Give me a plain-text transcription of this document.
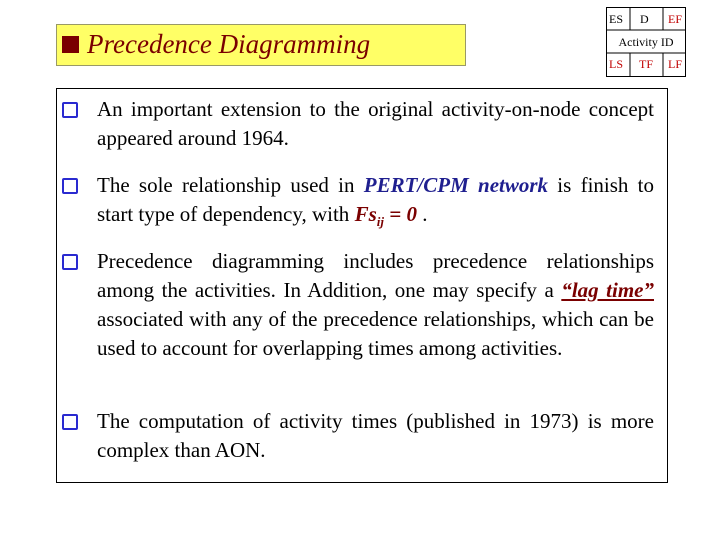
Precedence Diagramming
ES D EF
Activity ID
LS TF LF
An important extension to the original activity-on-node concept appeared around 1964.
The sole relationship used in PERT/CPM network is finish to start type of dependency, with $Fs_{ij} = 0$ .
Precedence diagramming includes precedence relationships among the activities. In Addition, one may specify a “lag time” associated with any of the precedence relationships, which can be used to account for overlapping times among activities.
The computation of activity times (published in 1973) is more complex than AON.
